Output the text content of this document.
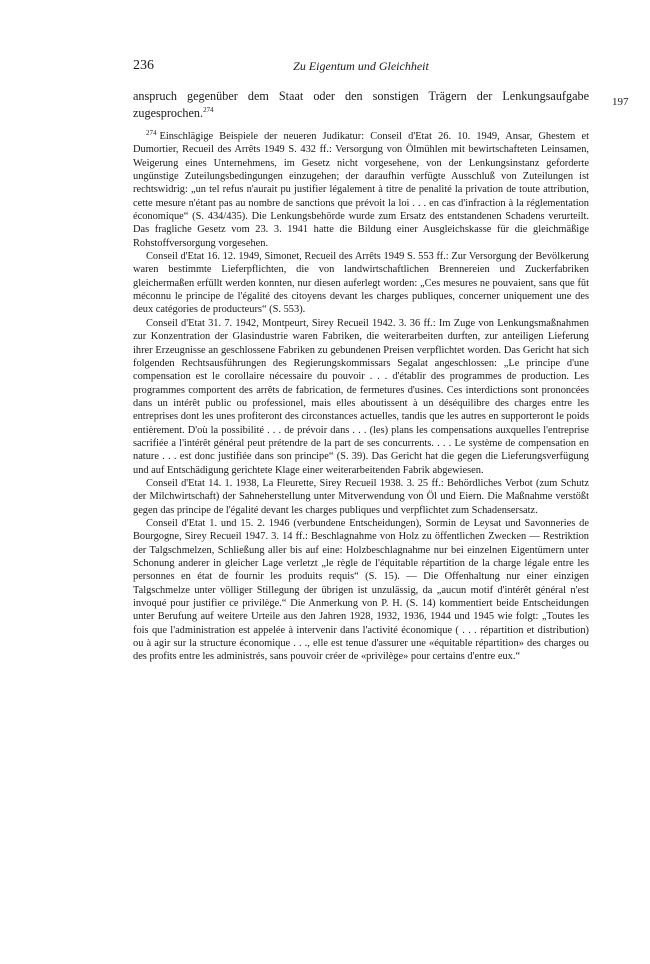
236	Zu Eigentum und Gleichheit
197

anspruch gegenüber dem Staat oder den sonstigen Trägern der Lenkungsaufgabe zugesprochen.$^{274}$

$^{274}$ Einschlägige Beispiele der neueren Judikatur: Conseil d'Etat 26. 10. 1949, Ansar, Ghestem et Dumortier, Recueil des Arrêts 1949 S. 432 ff.: Versorgung von Ölmühlen mit bewirtschafteten Leinsamen, Weigerung eines Unternehmens, im Gesetz nicht vorgesehene, von der Lenkungsinstanz geforderte ungünstige Zuteilungsbedingungen einzugehen; der daraufhin verfügte Ausschluß von Zuteilungen ist rechtswidrig: „un tel refus n'aurait pu justifier légalement à titre de penalité la privation de toute attribution, cette mesure n'étant pas au nombre de sanctions que prévoit la loi . . . en cas d'infraction à la réglementation économique“ (S. 434/435). Die Lenkungsbehörde wurde zum Ersatz des entstandenen Schadens verurteilt. Das fragliche Gesetz vom 23. 3. 1941 hatte die Bildung einer Ausgleichskasse für die gleichmäßige Rohstoffversorgung vorgesehen.

Conseil d'Etat 16. 12. 1949, Simonet, Recueil des Arrêts 1949 S. 553 ff.: Zur Versorgung der Bevölkerung waren bestimmte Lieferpflichten, die von landwirtschaftlichen Brennereien und Zuckerfabriken gleichermaßen erfüllt werden konnten, nur diesen auferlegt worden: „Ces mesures ne pouvaient, sans que fût méconnu le principe de l'égalité des citoyens devant les charges publiques, concerner uniquement une des deux catégories de producteurs“ (S. 553).

Conseil d'Etat 31. 7. 1942, Montpeurt, Sirey Recueil 1942. 3. 36 ff.: Im Zuge von Lenkungsmaßnahmen zur Konzentration der Glasindustrie waren Fabriken, die weiterarbeiten durften, zur anteiligen Lieferung ihrer Erzeugnisse an geschlossene Fabriken zu gebundenen Preisen verpflichtet worden. Das Gericht hat sich folgenden Rechtsausführungen des Regierungskommissars Segalat angeschlossen: „Le principe d'une compensation est le corollaire nécessaire du pouvoir . . . d'établir des programmes de production. Les programmes comportent des arrêts de fabrication, de fermetures d'usines. Ces interdictions sont prononcées dans un intérêt public ou professionel, mais elles aboutissent à un déséquilibre des charges entre les entreprises dont les unes profiteront des circonstances actuelles, tandis que les autres en supporteront le poids entièrement. D'où la possibilité . . . de prévoir dans . . . (les) plans les compensations auxquelles l'entreprise sacrifiée a l'intérêt général peut prétendre de la part de ses concurrents. . . . Le système de compensation en nature . . . est donc justifiée dans son principe“ (S. 39). Das Gericht hat die gegen die Lieferungsverfügung und auf Entschädigung gerichtete Klage einer weiterarbeitenden Fabrik abgewiesen.

Conseil d'Etat 14. 1. 1938, La Fleurette, Sirey Recueil 1938. 3. 25 ff.: Behördliches Verbot (zum Schutz der Milchwirtschaft) der Sahneherstellung unter Mitverwendung von Öl und Eiern. Die Maßnahme verstößt gegen das principe de l'égalité devant les charges publiques und verpflichtet zum Schadensersatz.

Conseil d'Etat 1. und 15. 2. 1946 (verbundene Entscheidungen), Sormin de Leysat und Savonneries de Bourgogne, Sirey Recueil 1947. 3. 14 ff.: Beschlagnahme von Holz zu öffentlichen Zwecken — Restriktion der Talgschmelzen, Schließung aller bis auf eine: Holzbeschlagnahme nur bei einzelnen Eigentümern unter Schonung anderer in gleicher Lage verletzt „le règle de l'équitable répartition de la charge légale entre les personnes en état de fournir les produits requis“ (S. 15). — Die Offenhaltung nur einer einzigen Talgschmelze unter völliger Stillegung der übrigen ist unzulässig, da „aucun motif d'intérêt général n'est invoqué pour justifier ce privilège.“ Die Anmerkung von P. H. (S. 14) kommentiert beide Entscheidungen unter Berufung auf weitere Urteile aus den Jahren 1928, 1932, 1936, 1944 und 1945 wie folgt: „Toutes les fois que l'administration est appelée à intervenir dans l'activité économique ( . . . répartition et distribution) ou à agir sur la structure économique . . ., elle est tenue d'assurer une «équitable répartition» des charges ou des profits entre les administrés, sans pouvoir créer de «privilège» pour certains d'entre eux.“
